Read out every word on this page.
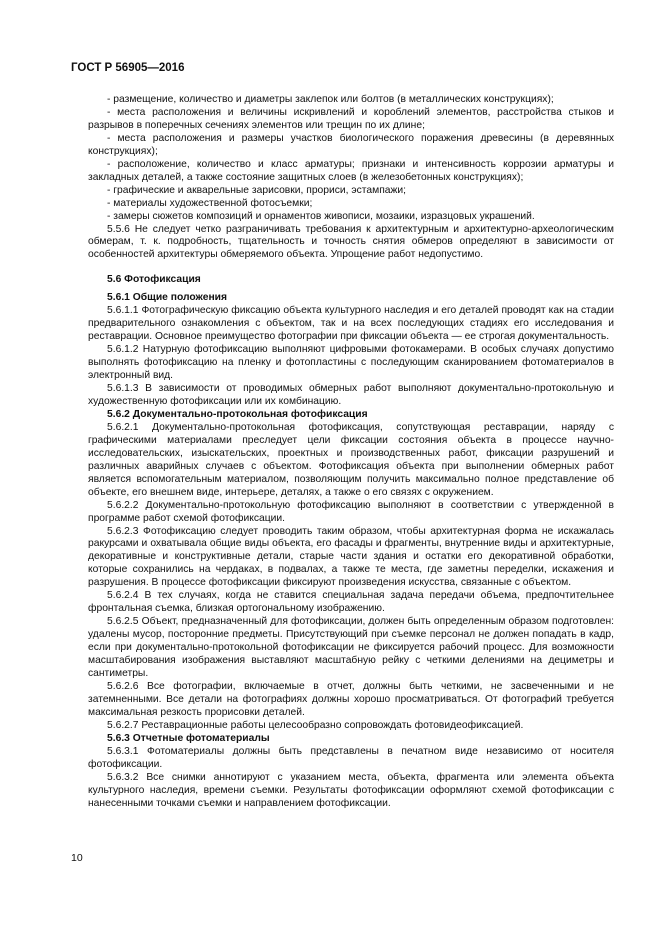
ГОСТ Р 56905—2016

- размещение, количество и диаметры заклепок или болтов (в металлических конструкциях);

- места расположения и величины искривлений и короблений элементов, расстройства стыков и разрывов в поперечных сечениях элементов или трещин по их длине;

- места расположения и размеры участков биологического поражения древесины (в деревянных конструкциях);

- расположение, количество и класс арматуры; признаки и интенсивность коррозии арматуры и закладных деталей, а также состояние защитных слоев (в железобетонных конструкциях);

- графические и акварельные зарисовки, прориси, эстампажи;

- материалы художественной фотосъемки;

- замеры сюжетов композиций и орнаментов живописи, мозаики, изразцовых украшений.

5.5.6 Не следует четко разграничивать требования к архитектурным и архитектурно-археологическим обмерам, т. к. подробность, тщательность и точность снятия обмеров определяют в зависимости от особенностей архитектуры обмеряемого объекта. Упрощение работ недопустимо.

5.6 Фотофиксация

5.6.1 Общие положения

5.6.1.1 Фотографическую фиксацию объекта культурного наследия и его деталей проводят как на стадии предварительного ознакомления с объектом, так и на всех последующих стадиях его исследования и реставрации. Основное преимущество фотографии при фиксации объекта — ее строгая документальность.

5.6.1.2 Натурную фотофиксацию выполняют цифровыми фотокамерами. В особых случаях допустимо выполнять фотофиксацию на пленку и фотопластины с последующим сканированием фотоматериалов в электронный вид.

5.6.1.3 В зависимости от проводимых обмерных работ выполняют документально-протокольную и художественную фотофиксации или их комбинацию.

5.6.2 Документально-протокольная фотофиксация

5.6.2.1 Документально-протокольная фотофиксация, сопутствующая реставрации, наряду с графическими материалами преследует цели фиксации состояния объекта в процессе научно-исследовательских, изыскательских, проектных и производственных работ, фиксации разрушений и различных аварийных случаев с объектом. Фотофиксация объекта при выполнении обмерных работ является вспомогательным материалом, позволяющим получить максимально полное представление об объекте, его внешнем виде, интерьере, деталях, а также о его связях с окружением.

5.6.2.2 Документально-протокольную фотофиксацию выполняют в соответствии с утвержденной в программе работ схемой фотофиксации.

5.6.2.3 Фотофиксацию следует проводить таким образом, чтобы архитектурная форма не искажалась ракурсами и охватывала общие виды объекта, его фасады и фрагменты, внутренние виды и архитектурные, декоративные и конструктивные детали, старые части здания и остатки его декоративной обработки, которые сохранились на чердаках, в подвалах, а также те места, где заметны переделки, искажения и разрушения. В процессе фотофиксации фиксируют произведения искусства, связанные с объектом.

5.6.2.4 В тех случаях, когда не ставится специальная задача передачи объема, предпочтительнее фронтальная съемка, близкая ортогональному изображению.

5.6.2.5 Объект, предназначенный для фотофиксации, должен быть определенным образом подготовлен: удалены мусор, посторонние предметы. Присутствующий при съемке персонал не должен попадать в кадр, если при документально-протокольной фотофиксации не фиксируется рабочий процесс. Для возможности масштабирования изображения выставляют масштабную рейку с четкими делениями на дециметры и сантиметры.

5.6.2.6 Все фотографии, включаемые в отчет, должны быть четкими, не засвеченными и не затемненными. Все детали на фотографиях должны хорошо просматриваться. От фотографий требуется максимальная резкость прорисовки деталей.

5.6.2.7 Реставрационные работы целесообразно сопровождать фотовидеофиксацией.

5.6.3 Отчетные фотоматериалы

5.6.3.1 Фотоматериалы должны быть представлены в печатном виде независимо от носителя фотофиксации.

5.6.3.2 Все снимки аннотируют с указанием места, объекта, фрагмента или элемента объекта культурного наследия, времени съемки. Результаты фотофиксации оформляют схемой фотофиксации с нанесенными точками съемки и направлением фотофиксации.

10
